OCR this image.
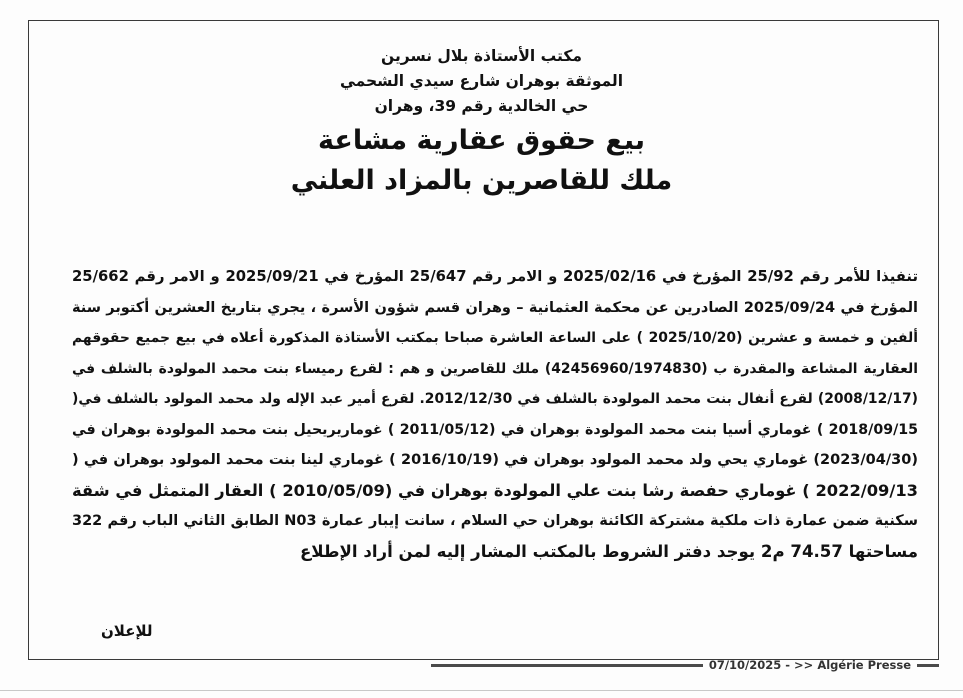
مكتب الأستاذة بلال نسرين
الموثقة بوهران شارع سيدي الشحمي
حي الخالدية رقم 39، وهران
بيع حقوق عقارية مشاعة
ملك للقاصرين بالمزاد العلني
تنفيذا للأمر رقم 25/92 المؤرخ في 2025/02/16 و الامر رقم 25/647 المؤرخ في 2025/09/21 و الامر رقم 25/662
المؤرخ في 2025/09/24 الصادرين عن محكمة العثمانية – وهران قسم شؤون الأسرة ، يجري بتاريخ العشرين أكتوبر سنة
ألفين و خمسة و عشرين (2025/10/20 ) على الساعة العاشرة صباحا بمكتب الأستاذة المذكورة أعلاه في بيع جميع حقوقهم
العقارية المشاعة والمقدرة ب (42456960/1974830) ملك للقاصرين و هم : لقرع رميساء بنت محمد المولودة بالشلف في
(2008/12/17) لقرع أنفال بنت محمد المولودة بالشلف في 2012/12/30. لقرع أمير عبد الإله ولد محمد المولود بالشلف في(
2018/09/15 ) غوماري أسيا بنت محمد المولودة بوهران في (2011/05/12 ) غوماريريحيل بنت محمد المولودة بوهران في
(2023/04/30) غوماري يحي ولد محمد المولود بوهران في (2016/10/19 ) غوماري لينا بنت محمد المولود بوهران في (
2022/09/13 ) غوماري حفصة رشا بنت علي المولودة بوهران في (2010/05/09 ) العقار المتمثل في شقة
سكنية ضمن عمارة ذات ملكية مشتركة الكائنة بوهران حي السلام ، سانت إيبار عمارة N03 الطابق الثاني الباب رقم 322
مساحتها 74.57 م2 يوجد دفتر الشروط بالمكتب المشار إليه لمن أراد الإطلاع
للإعلان
07/10/2025 - >> Algérie Presse
